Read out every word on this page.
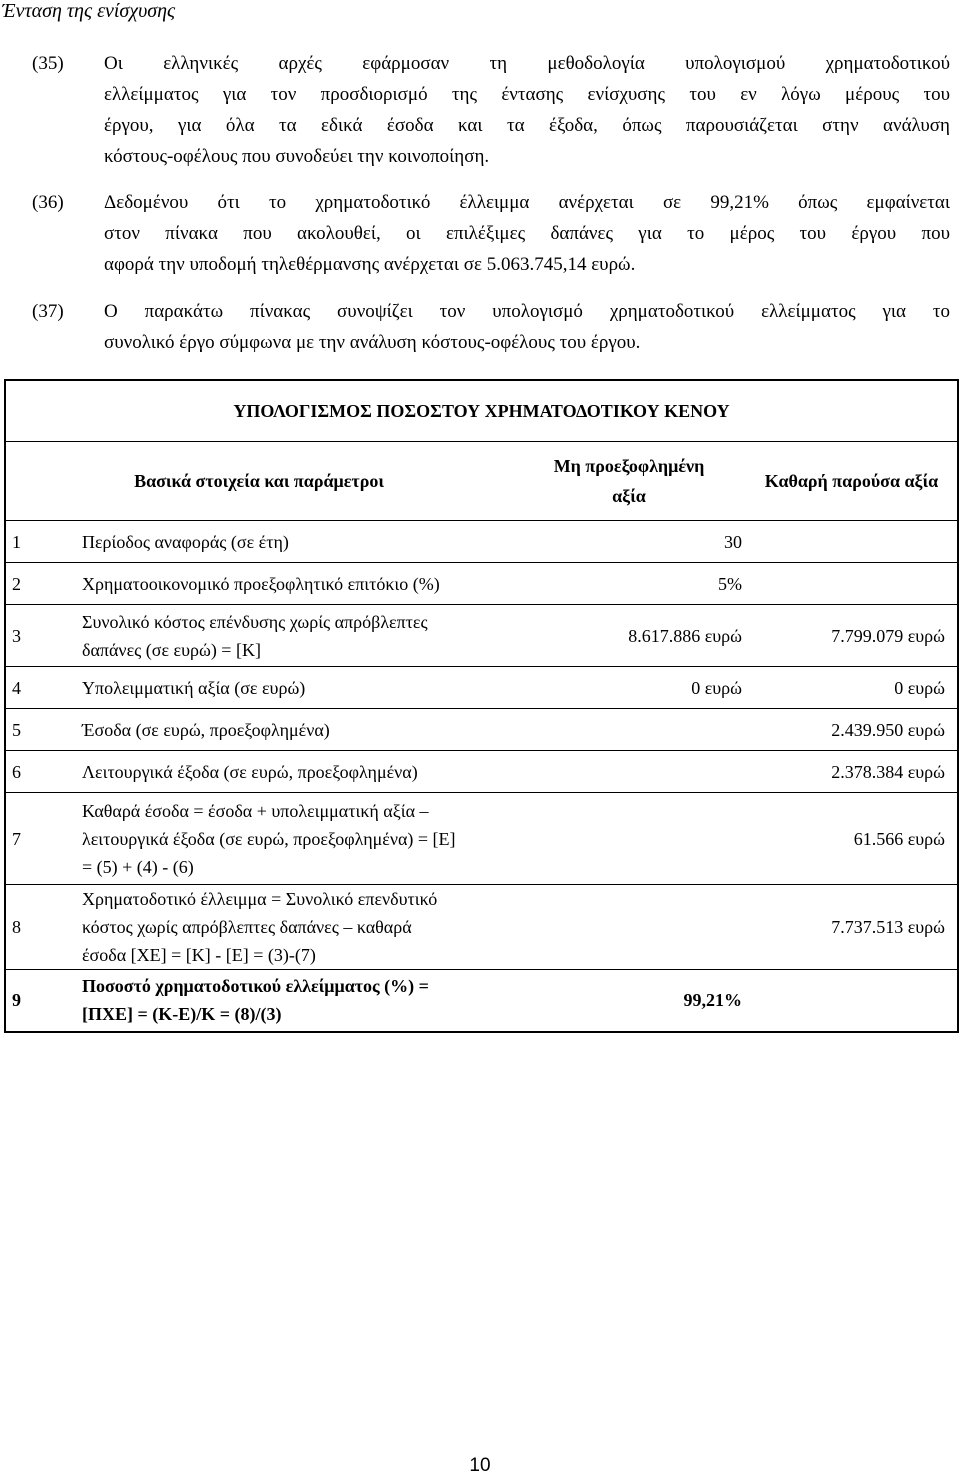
Ένταση της ενίσχυσης
(35) Οι ελληνικές αρχές εφάρμοσαν τη μεθοδολογία υπολογισμού χρηματοδοτικού
ελλείμματος για τον προσδιορισμό της έντασης ενίσχυσης του εν λόγω μέρους του
έργου, για όλα τα εδικά έσοδα και τα έξοδα, όπως παρουσιάζεται στην ανάλυση
κόστους-οφέλους που συνοδεύει την κοινοποίηση.
(36) Δεδομένου ότι το χρηματοδοτικό έλλειμμα ανέρχεται σε 99,21% όπως εμφαίνεται
στον πίνακα που ακολουθεί, οι επιλέξιμες δαπάνες για το μέρος του έργου που
αφορά την υποδομή τηλεθέρμανσης ανέρχεται σε 5.063.745,14 ευρώ.
(37) Ο παρακάτω πίνακας συνοψίζει τον υπολογισμό χρηματοδοτικού ελλείμματος για το
συνολικό έργο σύμφωνα με την ανάλυση κόστους-οφέλους του έργου.
ΥΠΟΛΟΓΙΣΜΟΣ ΠΟΣΟΣΤΟΥ ΧΡΗΜΑΤΟΔΟΤΙΚΟΥ ΚΕΝΟΥ			
Βασικά στοιχεία και παράμετροι		Μη προεξοφλημένη αξία	Καθαρή παρούσα αξία
1	Περίοδος αναφοράς (σε έτη)	30	
2	Χρηματοοικονομικό προεξοφλητικό επιτόκιο (%)	5%	
3	Συνολικό κόστος επένδυσης χωρίς απρόβλεπτες
δαπάνες (σε ευρώ) = [K]	8.617.886 ευρώ	7.799.079 ευρώ
4	Υπολειμματική αξία (σε ευρώ)	0 ευρώ	0 ευρώ
5	Έσοδα (σε ευρώ, προεξοφλημένα)		2.439.950 ευρώ
6	Λειτουργικά έξοδα (σε ευρώ, προεξοφλημένα)		2.378.384 ευρώ
7	Καθαρά έσοδα = έσοδα + υπολειμματική αξία –
λειτουργικά έξοδα (σε ευρώ, προεξοφλημένα) = [E]
= (5) + (4) - (6)		61.566 ευρώ
8	Χρηματοδοτικό έλλειμμα = Συνολικό επενδυτικό
κόστος χωρίς απρόβλεπτες δαπάνες – καθαρά
έσοδα [ΧΕ] = [K] - [E] = (3)-(7)		7.737.513 ευρώ
9	Ποσοστό χρηματοδοτικού ελλείμματος (%) =
[ΠΧΕ] = (K-E)/K = (8)/(3)	99,21%	
10
